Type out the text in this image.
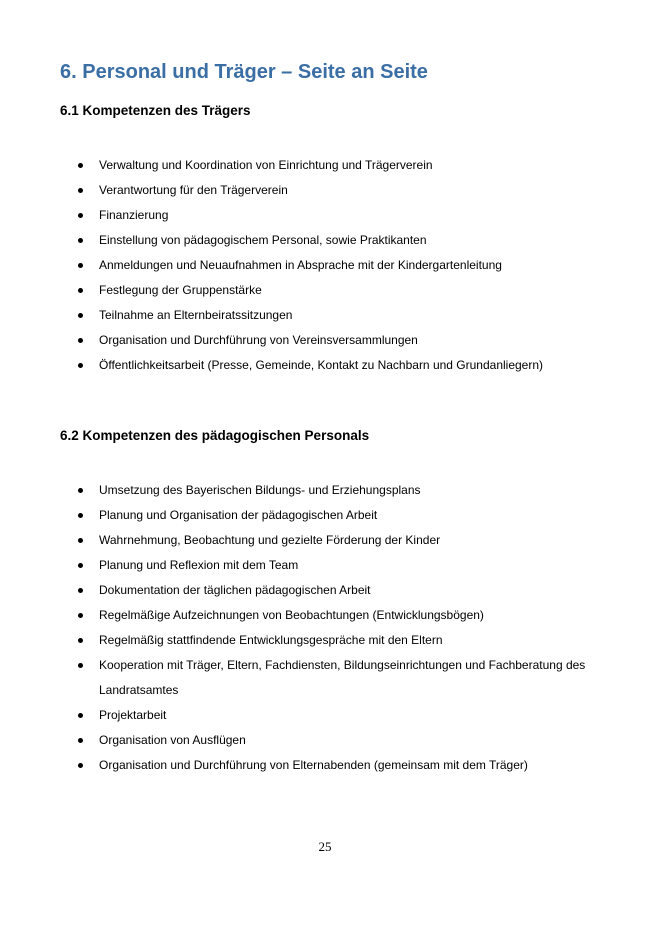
6. Personal und Träger – Seite an Seite
6.1 Kompetenzen des Trägers
Verwaltung und Koordination von Einrichtung und Trägerverein
Verantwortung für den Trägerverein
Finanzierung
Einstellung von pädagogischem Personal, sowie Praktikanten
Anmeldungen und Neuaufnahmen in Absprache mit der Kindergartenleitung
Festlegung der Gruppenstärke
Teilnahme an Elternbeiratssitzungen
Organisation und Durchführung von Vereinsversammlungen
Öffentlichkeitsarbeit (Presse, Gemeinde, Kontakt zu Nachbarn und Grundanliegern)
6.2 Kompetenzen des pädagogischen Personals
Umsetzung des Bayerischen Bildungs- und Erziehungsplans
Planung und Organisation der pädagogischen Arbeit
Wahrnehmung, Beobachtung und gezielte Förderung der Kinder
Planung und Reflexion mit dem Team
Dokumentation der täglichen pädagogischen Arbeit
Regelmäßige Aufzeichnungen von Beobachtungen (Entwicklungsbögen)
Regelmäßig stattfindende Entwicklungsgespräche mit den Eltern
Kooperation mit Träger, Eltern, Fachdiensten, Bildungseinrichtungen und Fachberatung des Landratsamtes
Projektarbeit
Organisation von Ausflügen
Organisation und Durchführung von Elternabenden (gemeinsam mit dem Träger)
25
